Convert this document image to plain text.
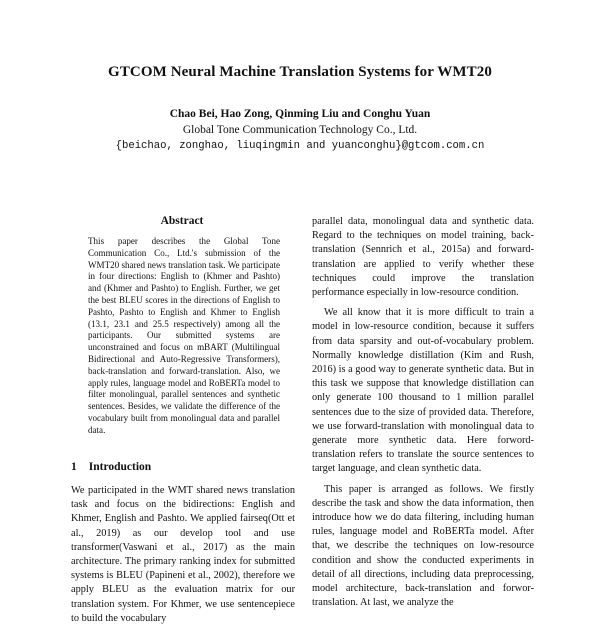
GTCOM Neural Machine Translation Systems for WMT20
Chao Bei, Hao Zong, Qinming Liu and Conghu Yuan
Global Tone Communication Technology Co., Ltd.
{beichao, zonghao, liuqingmin and yuanconghu}@gtcom.com.cn
Abstract
This paper describes the Global Tone Communication Co., Ltd.'s submission of the WMT20 shared news translation task. We participate in four directions: English to (Khmer and Pashto) and (Khmer and Pashto) to English. Further, we get the best BLEU scores in the directions of English to Pashto, Pashto to English and Khmer to English (13.1, 23.1 and 25.5 respectively) among all the participants. Our submitted systems are unconstrained and focus on mBART (Multilingual Bidirectional and Auto-Regressive Transformers), back-translation and forward-translation. Also, we apply rules, language model and RoBERTa model to filter monolingual, parallel sentences and synthetic sentences. Besides, we validate the difference of the vocabulary built from monolingual data and parallel data.
1 Introduction

We participated in the WMT shared news translation task and focus on the bidirections: English and Khmer, English and Pashto. We applied fairseq(Ott et al., 2019) as our develop tool and use transformer(Vaswani et al., 2017) as the main architecture. The primary ranking index for submitted systems is BLEU (Papineni et al., 2002), therefore we apply BLEU as the evaluation matrix for our translation system. For Khmer, we use sentencepiece to build the vocabulary

parallel data, monolingual data and synthetic data. Regard to the techniques on model training, back-translation (Sennrich et al., 2015a) and forward-translation are applied to verify whether these techniques could improve the translation performance especially in low-resource condition.

We all know that it is more difficult to train a model in low-resource condition, because it suffers from data sparsity and out-of-vocabulary problem. Normally knowledge distillation (Kim and Rush, 2016) is a good way to generate synthetic data. But in this task we suppose that knowledge distillation can only generate 100 thousand to 1 million parallel sentences due to the size of provided data. Therefore, we use forward-translation with monolingual data to generate more synthetic data. Here forword-translation refers to translate the source sentences to target language, and clean synthetic data.

This paper is arranged as follows. We firstly describe the task and show the data information, then introduce how we do data filtering, including human rules, language model and RoBERTa model. After that, we describe the techniques on low-resource condition and show the conducted experiments in detail of all directions, including data preprocessing, model architecture, back-translation and forwor-translation. At last, we analyze the
